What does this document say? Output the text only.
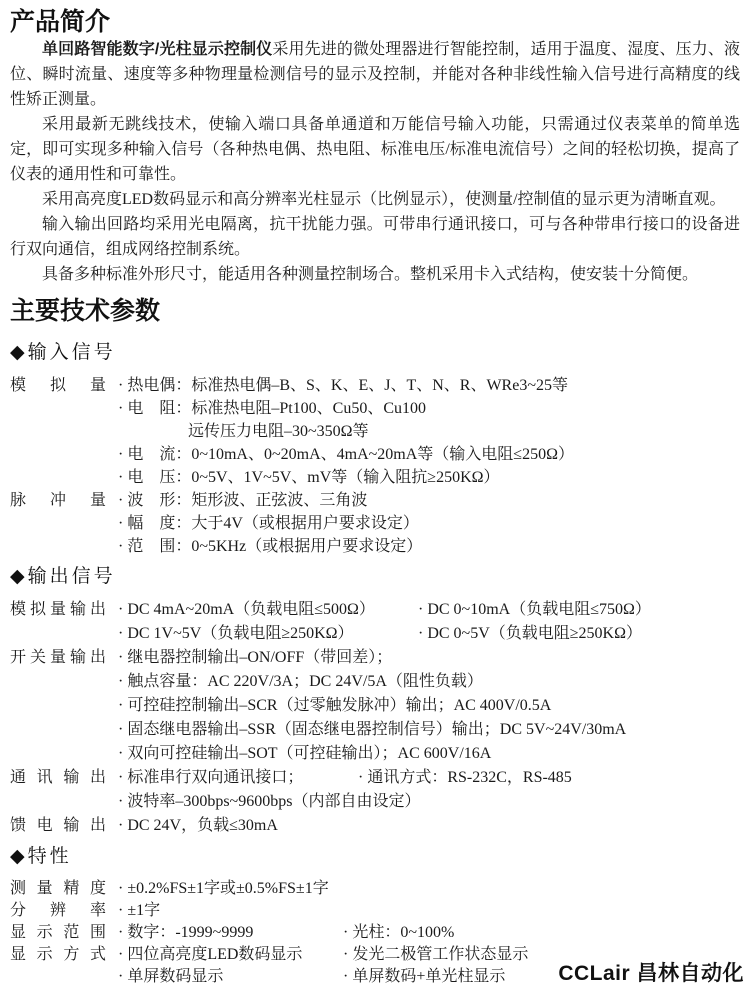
产品简介

单回路智能数字/光柱显示控制仪采用先进的微处理器进行智能控制，适用于温度、湿度、压力、液位、瞬时流量、速度等多种物理量检测信号的显示及控制，并能对各种非线性输入信号进行高精度的线性矫正测量。

采用最新无跳线技术，使输入端口具备单通道和万能信号输入功能，只需通过仪表菜单的简单选定，即可实现多种输入信号（各种热电偶、热电阻、标准电压/标准电流信号）之间的轻松切换，提高了仪表的通用性和可靠性。

采用高亮度LED数码显示和高分辨率光柱显示（比例显示），使测量/控制值的显示更为清晰直观。

输入输出回路均采用光电隔离，抗干扰能力强。可带串行通讯接口，可与各种带串行接口的设备进行双向通信，组成网络控制系统。

具备多种标准外形尺寸，能适用各种测量控制场合。整机采用卡入式结构，使安装十分简便。

主要技术参数
◆输入信号
模 拟 量 · 热电偶：标准热电偶–B、S、K、E、J、T、N、R、WRe3~25等
· 电　阻：标准热电阻–Pt100、Cu50、Cu100
远传压力电阻–30~350Ω等
· 电　流：0~10mA、0~20mA、4mA~20mA等（输入电阻≤250Ω）
· 电　压：0~5V、1V~5V、mV等（输入阻抗≥250KΩ）
脉 冲 量 · 波　形：矩形波、正弦波、三角波
· 幅　度：大于4V（或根据用户要求设定）
· 范　围：0~5KHz（或根据用户要求设定）
◆输出信号
模拟量输出 · DC 4mA~20mA（负载电阻≤500Ω）	· DC 0~10mA（负载电阻≤750Ω）
· DC 1V~5V（负载电阻≥250KΩ）	· DC 0~5V（负载电阻≥250KΩ）
开关量输出 · 继电器控制输出–ON/OFF（带回差）；
· 触点容量：AC 220V/3A；DC 24V/5A（阻性负载）
· 可控硅控制输出–SCR（过零触发脉冲）输出；AC 400V/0.5A
· 固态继电器输出–SSR（固态继电器控制信号）输出；DC 5V~24V/30mA
· 双向可控硅输出–SOT（可控硅输出）；AC 600V/16A
通 讯 输 出 · 标准串行双向通讯接口；	· 通讯方式：RS-232C，RS-485
· 波特率–300bps~9600bps（内部自由设定）
馈 电 输 出 · DC 24V，负载≤30mA
◆特性
测 量 精 度 · ±0.2%FS±1字或±0.5%FS±1字
分 辨 率 · ±1字
显 示 范 围 · 数字：-1999~9999	· 光柱：0~100%
显 示 方 式 · 四位高亮度LED数码显示	· 发光二极管工作状态显示
· 单屏数码显示	· 单屏数码+单光柱显示	CCLair 昌林自动化
